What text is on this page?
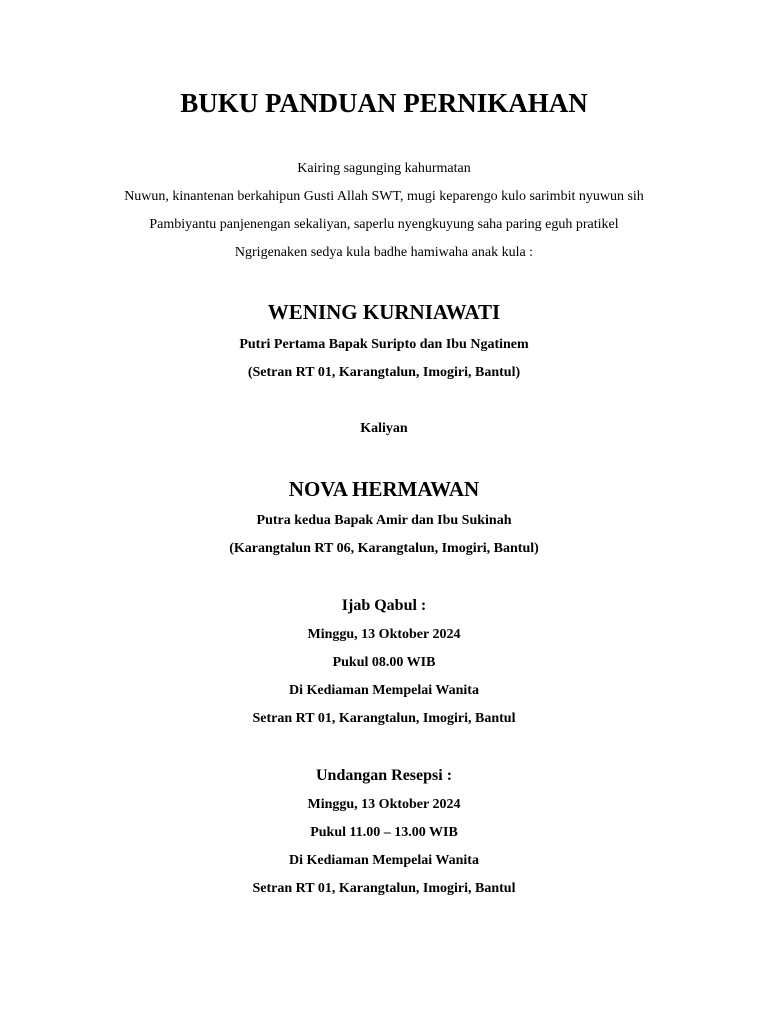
BUKU PANDUAN PERNIKAHAN
Kairing sagunging kahurmatan
Nuwun, kinantenan berkahipun Gusti Allah SWT, mugi keparengo kulo sarimbit nyuwun sih
Pambiyantu panjenengan sekaliyan, saperlu nyengkuyung saha paring eguh pratikel
Ngrigenaken sedya kula badhe hamiwaha anak kula :
WENING KURNIAWATI
Putri Pertama Bapak Suripto dan Ibu Ngatinem
(Setran RT 01, Karangtalun, Imogiri, Bantul)
Kaliyan
NOVA HERMAWAN
Putra kedua Bapak Amir dan Ibu Sukinah
(Karangtalun RT 06, Karangtalun, Imogiri, Bantul)
Ijab Qabul :
Minggu, 13 Oktober 2024
Pukul 08.00 WIB
Di Kediaman Mempelai Wanita
Setran RT 01, Karangtalun, Imogiri, Bantul
Undangan Resepsi :
Minggu, 13 Oktober 2024
Pukul 11.00 – 13.00 WIB
Di Kediaman Mempelai Wanita
Setran RT 01, Karangtalun, Imogiri, Bantul
